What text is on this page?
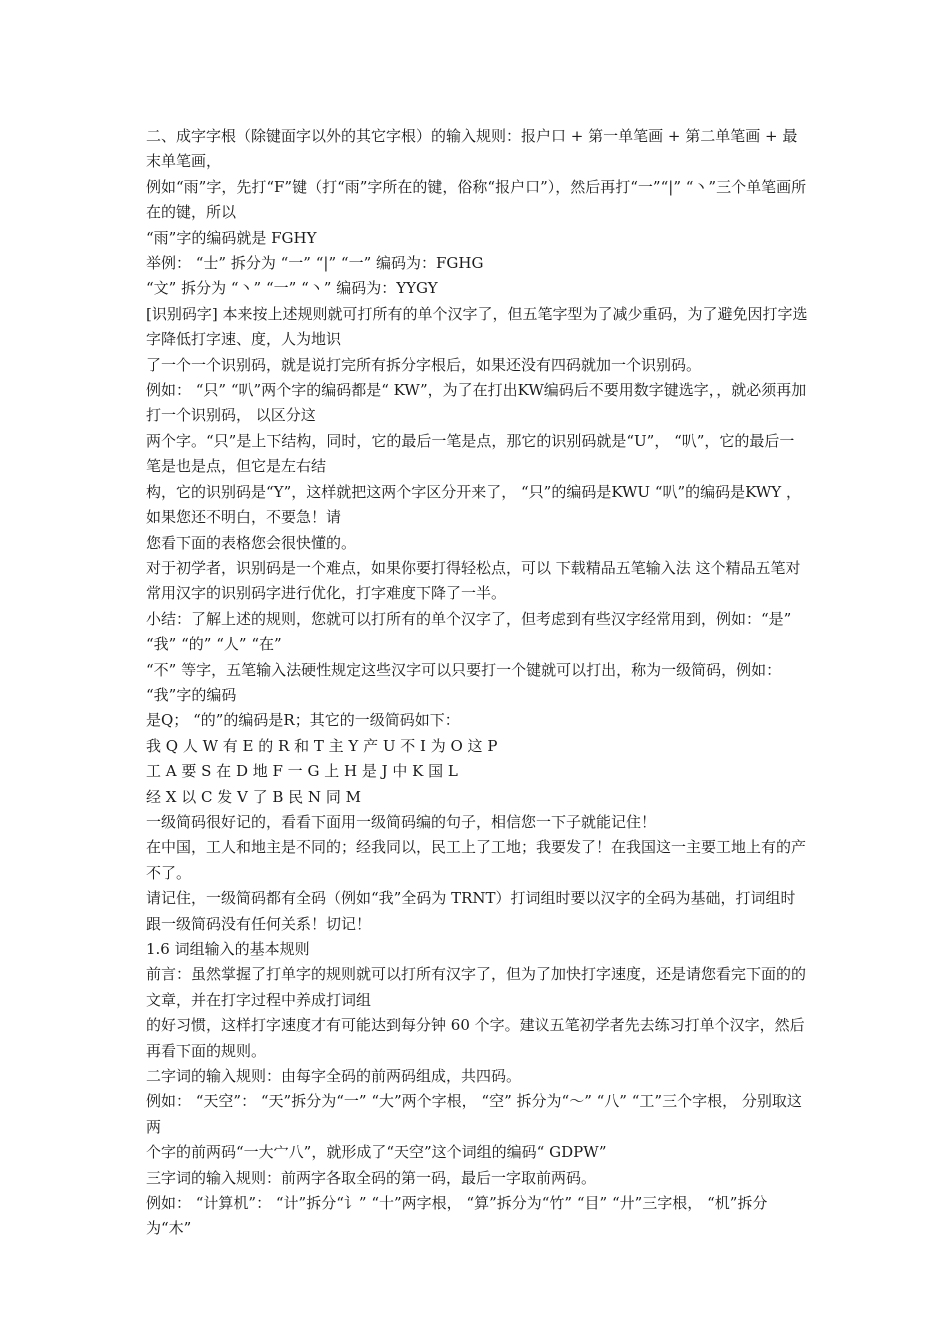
二、成字字根（除键面字以外的其它字根）的输入规则：报户口 + 第一单笔画 + 第二单笔画 + 最末单笔画，

例如“雨”字，先打“F”键（打“雨”字所在的键，俗称“报户口”），然后再打“一”“|” “丶”三个单笔画所在的键，所以

“雨”字的编码就是 FGHY

举例： “士” 拆分为 “一” “|” “一” 编码为：FGHG

“文” 拆分为 “丶” “一” “丶” 编码为：YYGY

[识别码字] 本来按上述规则就可打所有的单个汉字了，但五笔字型为了减少重码，为了避免因打字选字降低打字速、度，人为地识

了一个一个识别码，就是说打完所有拆分字根后，如果还没有四码就加一个识别码。

例如： “只” “叭”两个字的编码都是“ KW”，为了在打出KW编码后不要用数字键选字，，就必须再加打一个识别码， 以区分这

两个字。“只”是上下结构，同时，它的最后一笔是点，那它的识别码就是“U”， “叭”，它的最后一笔是也是点，但它是左右结

构，它的识别码是“Y”，这样就把这两个字区分开来了， “只”的编码是KWU “叭”的编码是KWY ， 如果您还不明白，不要急！请

您看下面的表格您会很快懂的。

对于初学者，识别码是一个难点，如果你要打得轻松点，可以 下载精品五笔输入法 这个精品五笔对常用汉字的识别码字进行优化，打字难度下降了一半。

小结：了解上述的规则，您就可以打所有的单个汉字了，但考虑到有些汉字经常用到，例如：“是” “我” “的” “人” “在”

“不” 等字，五笔输入法硬性规定这些汉字可以只要打一个键就可以打出，称为一级简码，例如： “我”字的编码

是Q； “的”的编码是R；其它的一级简码如下：

我 Q 人 W 有 E 的 R 和 T 主 Y 产 U 不 I 为 O 这 P

工 A 要 S 在 D 地 F 一 G 上 H 是 J 中 K 国 L

经 X 以 C 发 V 了 B 民 N 同 M

一级简码很好记的，看看下面用一级简码编的句子，相信您一下子就能记住！

在中国，工人和地主是不同的；经我同以，民工上了工地；我要发了！在我国这一主要工地上有的产不了。

请记住，一级简码都有全码（例如“我”全码为 TRNT）打词组时要以汉字的全码为基础，打词组时跟一级简码没有任何关系！切记！

1.6 词组输入的基本规则

前言：虽然掌握了打单字的规则就可以打所有汉字了，但为了加快打字速度，还是请您看完下面的的文章，并在打字过程中养成打词组

的好习惯，这样打字速度才有可能达到每分钟 60 个字。建议五笔初学者先去练习打单个汉字，然后再看下面的规则。

二字词的输入规则：由每字全码的前两码组成，共四码。

例如： “天空”： “天”拆分为“一” “大”两个字根， “空” 拆分为“～” “八” “工”三个字根， 分别取这两

个字的前两码“一大宀八”，就形成了“天空”这个词组的编码“ GDPW”

三字词的输入规则：前两字各取全码的第一码，最后一字取前两码。

例如： “计算机”： “计”拆分“讠” “十”两字根， “算”拆分为“竹” “目” “廾”三字根， “机”拆分为“木”
